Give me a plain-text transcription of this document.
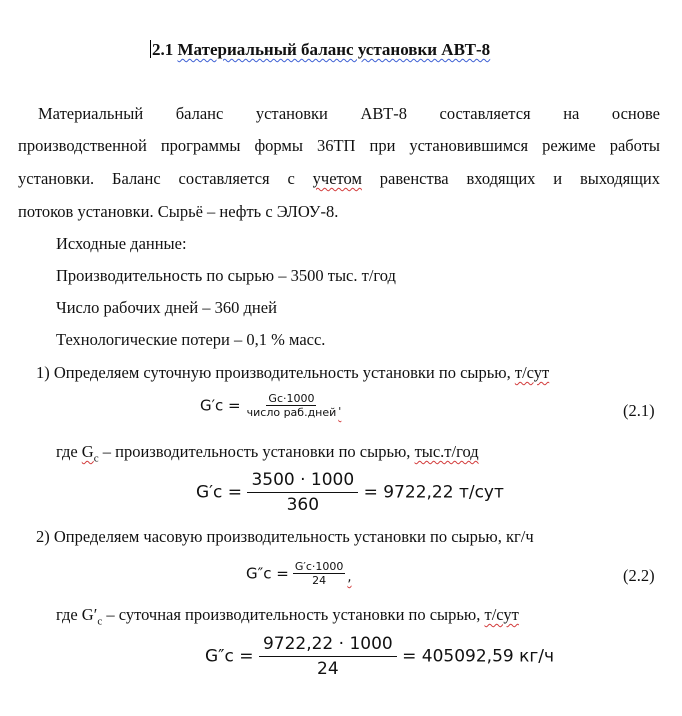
2.1 Материальный баланс установки АВТ-8
Материальный баланс установки АВТ-8 составляется на основе
производственной программы формы 36ТП при установившимся режиме работы
установки. Баланс составляется с учетом равенства входящих и выходящих
потоков установки. Сырьё – нефть с ЭЛОУ-8.
Исходные данные:
Производительность по сырью – 3500 тыс. т/год
Число рабочих дней – 360 дней
Технологические потери – 0,1 % масс.
1) Определяем суточную производительность установки по сырью, т/сут
$G'c = \frac{Gc\cdot 1000}{\text{число раб.дней}} '$	(2.1)
где $G_c$ – производительность установки по сырью, тыс.т/год
$G'c = \frac{3500 \cdot 1000}{360} = 9722,22$ т/сут
2) Определяем часовую производительность установки по сырью, кг/ч
$G''c = \frac{G'c\cdot 1000}{24} _,$	(2.2)
где $G'_c$ – суточная производительность установки по сырью, т/сут
$G''c = \frac{9722,22 \cdot 1000}{24} = 405092,59$ кг/ч
